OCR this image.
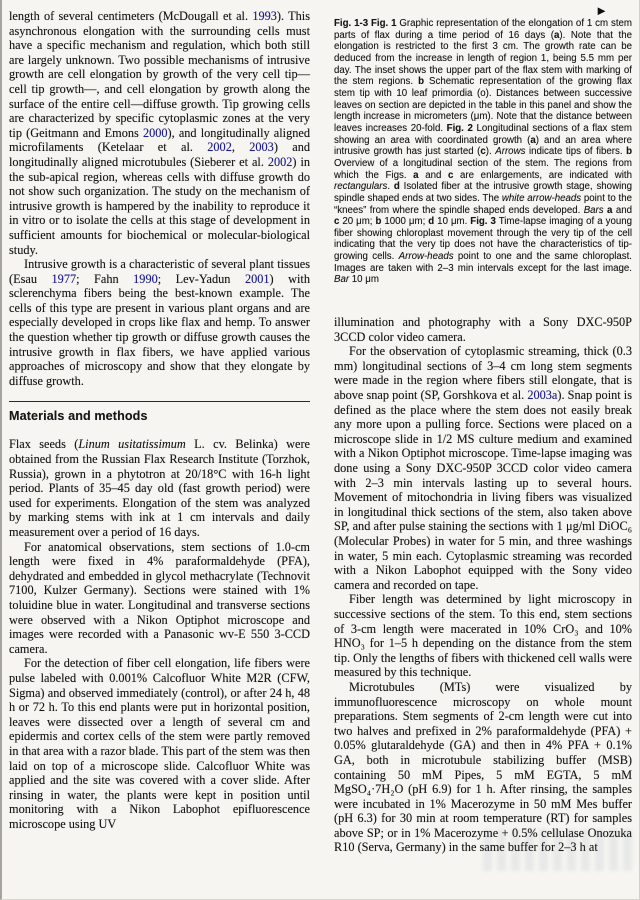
length of several centimeters (McDougall et al. 1993). This asynchronous elongation with the surrounding cells must have a specific mechanism and regulation, which both still are largely unknown. Two possible mechanisms of intrusive growth are cell elongation by growth of the very cell tip—cell tip growth—, and cell elongation by growth along the surface of the entire cell—diffuse growth. Tip growing cells are characterized by specific cytoplasmic zones at the very tip (Geitmann and Emons 2000), and longitudinally aligned microfilaments (Ketelaar et al. 2002, 2003) and longitudinally aligned microtubules (Sieberer et al. 2002) in the sub-apical region, whereas cells with diffuse growth do not show such organization. The study on the mechanism of intrusive growth is hampered by the inability to reproduce it in vitro or to isolate the cells at this stage of development in sufficient amounts for biochemical or molecular-biological study.

Intrusive growth is a characteristic of several plant tissues (Esau 1977; Fahn 1990; Lev-Yadun 2001) with sclerenchyma fibers being the best-known example. The cells of this type are present in various plant organs and are especially developed in crops like flax and hemp. To answer the question whether tip growth or diffuse growth causes the intrusive growth in flax fibers, we have applied various approaches of microscopy and show that they elongate by diffuse growth.

Materials and methods

Flax seeds (Linum usitatissimum L. cv. Belinka) were obtained from the Russian Flax Research Institute (Torzhok, Russia), grown in a phytotron at 20/18°C with 16-h light period. Plants of 35–45 day old (fast growth period) were used for experiments. Elongation of the stem was analyzed by marking stems with ink at 1 cm intervals and daily measurement over a period of 16 days.

For anatomical observations, stem sections of 1.0-cm length were fixed in 4% paraformaldehyde (PFA), dehydrated and embedded in glycol methacrylate (Technovit 7100, Kulzer Germany). Sections were stained with 1% toluidine blue in water. Longitudinal and transverse sections were observed with a Nikon Optiphot microscope and images were recorded with a Panasonic wv-E 550 3-CCD camera.

For the detection of fiber cell elongation, life fibers were pulse labeled with 0.001% Calcofluor White M2R (CFW, Sigma) and observed immediately (control), or after 24 h, 48 h or 72 h. To this end plants were put in horizontal position, leaves were dissected over a length of several cm and epidermis and cortex cells of the stem were partly removed in that area with a razor blade. This part of the stem was then laid on top of a microscope slide. Calcofluor White was applied and the site was covered with a cover slide. After rinsing in water, the plants were kept in position until monitoring with a Nikon Labophot epifluorescence microscope using UV

►

Fig. 1-3 Fig. 1 Graphic representation of the elongation of 1 cm stem parts of flax during a time period of 16 days (a). Note that the elongation is restricted to the first 3 cm. The growth rate can be deduced from the increase in length of region 1, being 5.5 mm per day. The inset shows the upper part of the flax stem with marking of the stem regions. b Schematic representation of the growing flax stem tip with 10 leaf primordia (o). Distances between successive leaves on section are depicted in the table in this panel and show the length increase in micrometers (μm). Note that the distance between leaves increases 20-fold. Fig. 2 Longitudinal sections of a flax stem showing an area with coordinated growth (a) and an area where intrusive growth has just started (c). Arrows indicate tips of fibers. b Overview of a longitudinal section of the stem. The regions from which the Figs. a and c are enlargements, are indicated with rectangulars. d Isolated fiber at the intrusive growth stage, showing spindle shaped ends at two sides. The white arrow-heads point to the “knees” from where the spindle shaped ends developed. Bars a and c 20 μm; b 1000 μm; d 10 μm. Fig. 3 Time-lapse imaging of a young fiber showing chloroplast movement through the very tip of the cell indicating that the very tip does not have the characteristics of tip-growing cells. Arrow-heads point to one and the same chloroplast. Images are taken with 2–3 min intervals except for the last image. Bar 10 μm

illumination and photography with a Sony DXC-950P 3CCD color video camera.

For the observation of cytoplasmic streaming, thick (0.3 mm) longitudinal sections of 3–4 cm long stem segments were made in the region where fibers still elongate, that is above snap point (SP, Gorshkova et al. 2003a). Snap point is defined as the place where the stem does not easily break any more upon a pulling force. Sections were placed on a microscope slide in 1/2 MS culture medium and examined with a Nikon Optiphot microscope. Time-lapse imaging was done using a Sony DXC-950P 3CCD color video camera with 2–3 min intervals lasting up to several hours. Movement of mitochondria in living fibers was visualized in longitudinal thick sections of the stem, also taken above SP, and after pulse staining the sections with 1 μg/ml DiOC₆ (Molecular Probes) in water for 5 min, and three washings in water, 5 min each. Cytoplasmic streaming was recorded with a Nikon Labophot equipped with the Sony video camera and recorded on tape.

Fiber length was determined by light microscopy in successive sections of the stem. To this end, stem sections of 3-cm length were macerated in 10% CrO₃ and 10% HNO₃ for 1–5 h depending on the distance from the stem tip. Only the lengths of fibers with thickened cell walls were measured by this technique.

Microtubules (MTs) were visualized by immunofluorescence microscopy on whole mount preparations. Stem segments of 2-cm length were cut into two halves and prefixed in 2% paraformaldehyde (PFA) + 0.05% glutaraldehyde (GA) and then in 4% PFA + 0.1% GA, both in microtubule stabilizing buffer (MSB) containing 50 mM Pipes, 5 mM EGTA, 5 mM MgSO₄·7H₂O (pH 6.9) for 1 h. After rinsing, the samples were incubated in 1% Macerozyme in 50 mM Mes buffer (pH 6.3) for 30 min at room temperature (RT) for samples above SP; or in 1% Macerozyme + 0.5% cellulase Onozuka R10 (Serva, Germany) in the same buffer for 2–3 h at
